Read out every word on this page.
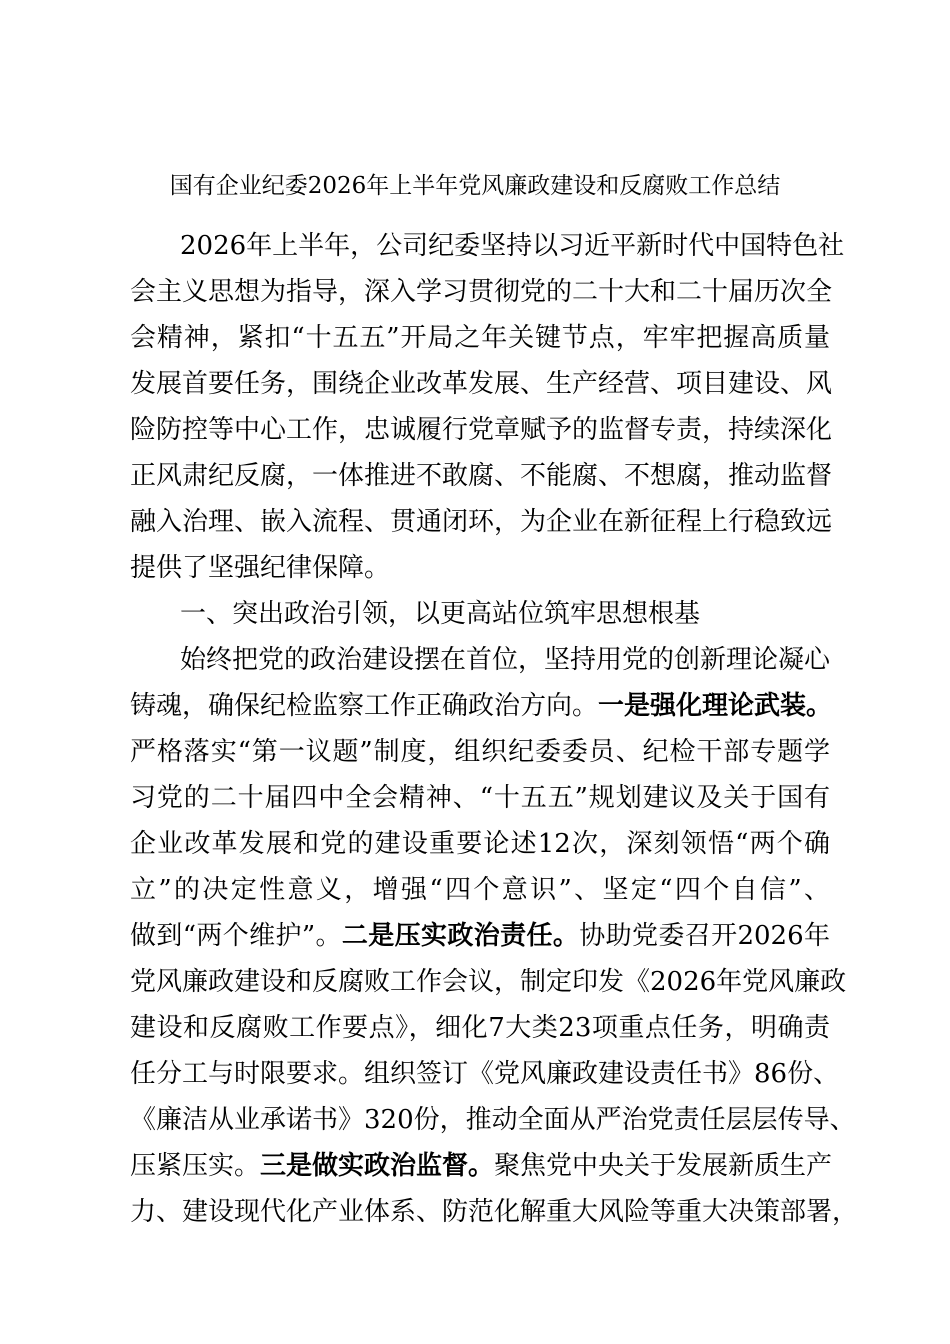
国有企业纪委2026年上半年党风廉政建设和反腐败工作总结
2026年上半年，公司纪委坚持以习近平新时代中国特色社
会主义思想为指导，深入学习贯彻党的二十大和二十届历次全
会精神，紧扣“十五五”开局之年关键节点，牢牢把握高质量
发展首要任务，围绕企业改革发展、生产经营、项目建设、风
险防控等中心工作，忠诚履行党章赋予的监督专责，持续深化
正风肃纪反腐，一体推进不敢腐、不能腐、不想腐，推动监督
融入治理、嵌入流程、贯通闭环，为企业在新征程上行稳致远
提供了坚强纪律保障。
一、突出政治引领，以更高站位筑牢思想根基
始终把党的政治建设摆在首位，坚持用党的创新理论凝心
铸魂，确保纪检监察工作正确政治方向。一是强化理论武装。
严格落实“第一议题”制度，组织纪委委员、纪检干部专题学
习党的二十届四中全会精神、“十五五”规划建议及关于国有
企业改革发展和党的建设重要论述12次，深刻领悟“两个确
立”的决定性意义，增强“四个意识”、坚定“四个自信”、
做到“两个维护”。二是压实政治责任。协助党委召开2026年
党风廉政建设和反腐败工作会议，制定印发《2026年党风廉政
建设和反腐败工作要点》，细化7大类23项重点任务，明确责
任分工与时限要求。组织签订《党风廉政建设责任书》86份、
《廉洁从业承诺书》320份，推动全面从严治党责任层层传导、
压紧压实。三是做实政治监督。聚焦党中央关于发展新质生产
力、建设现代化产业体系、防范化解重大风险等重大决策部署，
